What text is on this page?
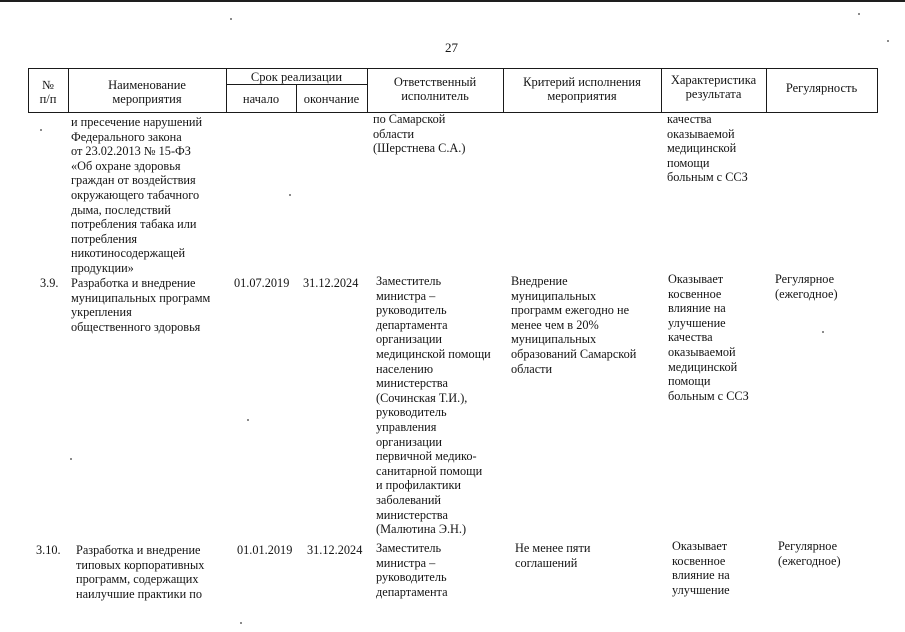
27
№
п/п
Наименование
мероприятия
Срок реализации
начало	окончание
Ответственный
исполнитель
Критерий исполнения
мероприятия
Характеристика
результата	Регулярность
и пресечение нарушений
Федерального закона
от 23.02.2013 № 15-ФЗ
«Об охране здоровья
граждан от воздействия
окружающего табачного
дыма, последствий
потребления табака или
потребления
никотиносодержащей
продукции»
по Самарской
области
(Шерстнева С.А.)
качества
оказываемой
медицинской
помощи
больным с ССЗ
3.9. Разработка и внедрение
муниципальных программ
укрепления
общественного здоровья
01.07.2019 31.12.2024 Заместитель
министра –
руководитель
департамента
организации
медицинской помощи
населению
министерства
(Сочинская Т.И.),
руководитель
управления
организации
первичной медико-
санитарной помощи
и профилактики
заболеваний
министерства
(Малютина Э.Н.)
Внедрение
муниципальных
программ ежегодно не
менее чем в 20%
муниципальных
образований Самарской
области
Оказывает
косвенное
влияние на
улучшение
качества
оказываемой
медицинской
помощи
больным с ССЗ
Регулярное
(ежегодное)
3.10. Разработка и внедрение
типовых корпоративных
программ, содержащих
наилучшие практики по
01.01.2019 31.12.2024 Заместитель
министра –
руководитель
департамента
Не менее пяти
соглашений
Оказывает
косвенное
влияние на
улучшение
Регулярное
(ежегодное)
